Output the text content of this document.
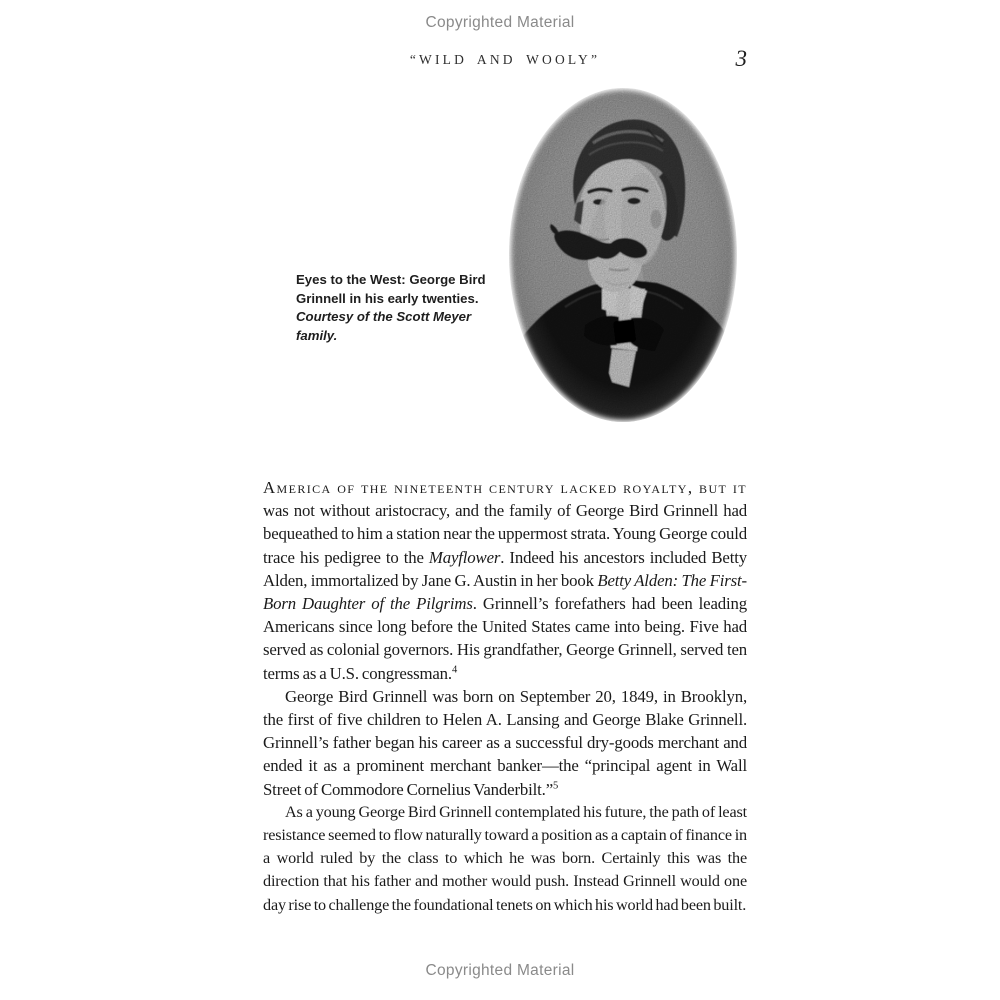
Copyrighted Material
“WILD AND WOOLY”	3
Eyes to the West: George Bird
Grinnell in his early twenties.
Courtesy of the Scott Meyer family.

America of the nineteenth century lacked royalty, but it was not without aristocracy, and the family of George Bird Grinnell had bequeathed to him a station near the uppermost strata. Young George could trace his pedigree to the Mayflower. Indeed his ancestors included Betty Alden, immortalized by Jane G. Austin in her book Betty Alden: The First-Born Daughter of the Pilgrims. Grinnell’s forefathers had been leading Americans since long before the United States came into being. Five had served as colonial governors. His grandfather, George Grinnell, served ten terms as a U.S. congressman.$^4$

George Bird Grinnell was born on September 20, 1849, in Brooklyn, the first of five children to Helen A. Lansing and George Blake Grinnell. Grinnell’s father began his career as a successful dry-goods merchant and ended it as a prominent merchant banker—the “principal agent in Wall Street of Commodore Cornelius Vanderbilt.”$^5$

As a young George Bird Grinnell contemplated his future, the path of least resistance seemed to flow naturally toward a position as a captain of finance in a world ruled by the class to which he was born. Certainly this was the direction that his father and mother would push. Instead Grinnell would one day rise to challenge the foundational tenets on which his world had been built.

Copyrighted Material
